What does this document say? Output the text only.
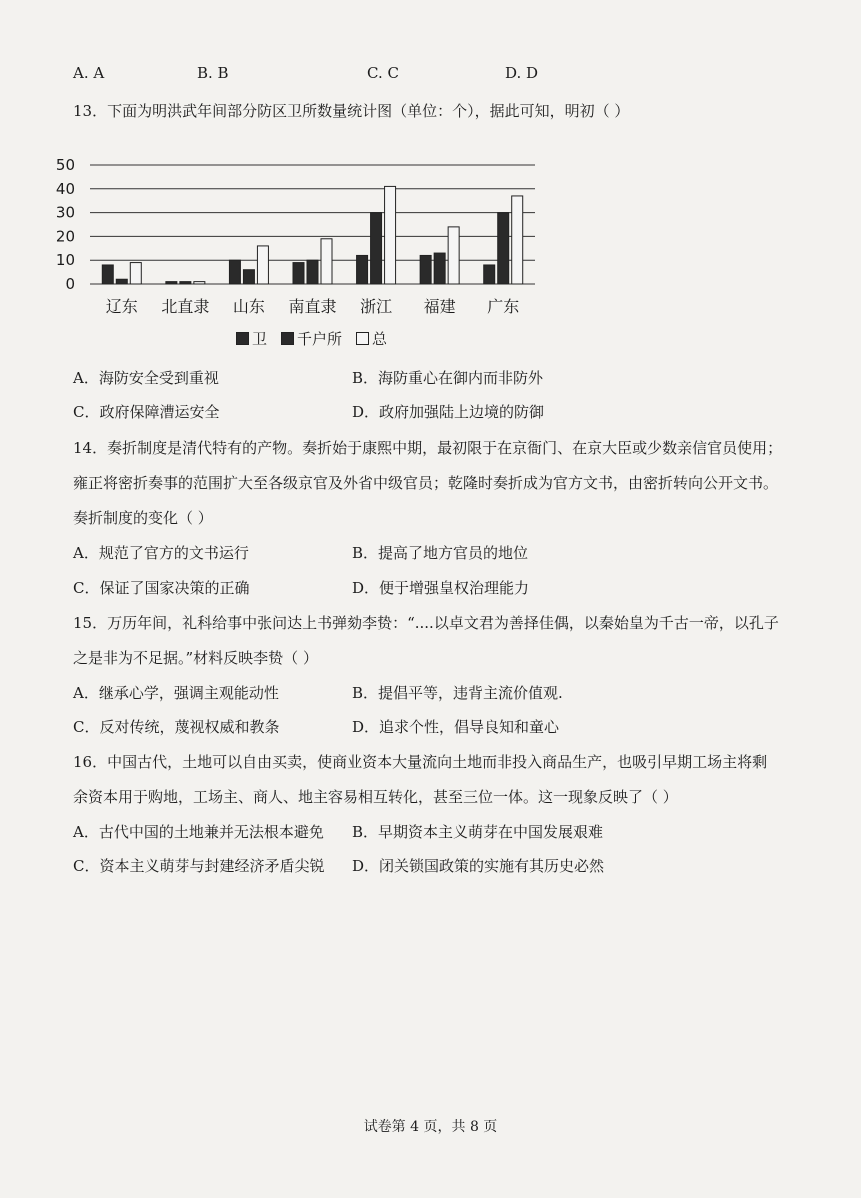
A. A	B. B	C. C	D. D
13．下面为明洪武年间部分防区卫所数量统计图（单位：个），据此可知，明初（ ）
0
10
20
30
40
50
辽东 北直隶 山东 南直隶 浙江 福建 广东
卫 千户所 总
A．海防安全受到重视	B．海防重心在御内而非防外
C．政府保障漕运安全	D．政府加强陆上边境的防御
14．奏折制度是清代特有的产物。奏折始于康熙中期，最初限于在京衙门、在京大臣或少数亲信官员使用；
雍正将密折奏事的范围扩大至各级京官及外省中级官员；乾隆时奏折成为官方文书，由密折转向公开文书。
奏折制度的变化（ ）
A．规范了官方的文书运行	B．提高了地方官员的地位
C．保证了国家决策的正确	D．便于增强皇权治理能力
15．万历年间，礼科给事中张问达上书弹劾李贽：“....以卓文君为善择佳偶，以秦始皇为千古一帝，以孔子
之是非为不足据。”材料反映李贽（ ）
A．继承心学，强调主观能动性	B．提倡平等，违背主流价值观.
C．反对传统，蔑视权威和教条	D．追求个性，倡导良知和童心
16．中国古代，土地可以自由买卖，使商业资本大量流向土地而非投入商品生产，也吸引早期工场主将剩
余资本用于购地，工场主、商人、地主容易相互转化，甚至三位一体。这一现象反映了（ ）
A．古代中国的土地兼并无法根本避免 B．早期资本主义萌芽在中国发展艰难
C．资本主义萌芽与封建经济矛盾尖锐 D．闭关锁国政策的实施有其历史必然
试卷第 4 页，共 8 页
